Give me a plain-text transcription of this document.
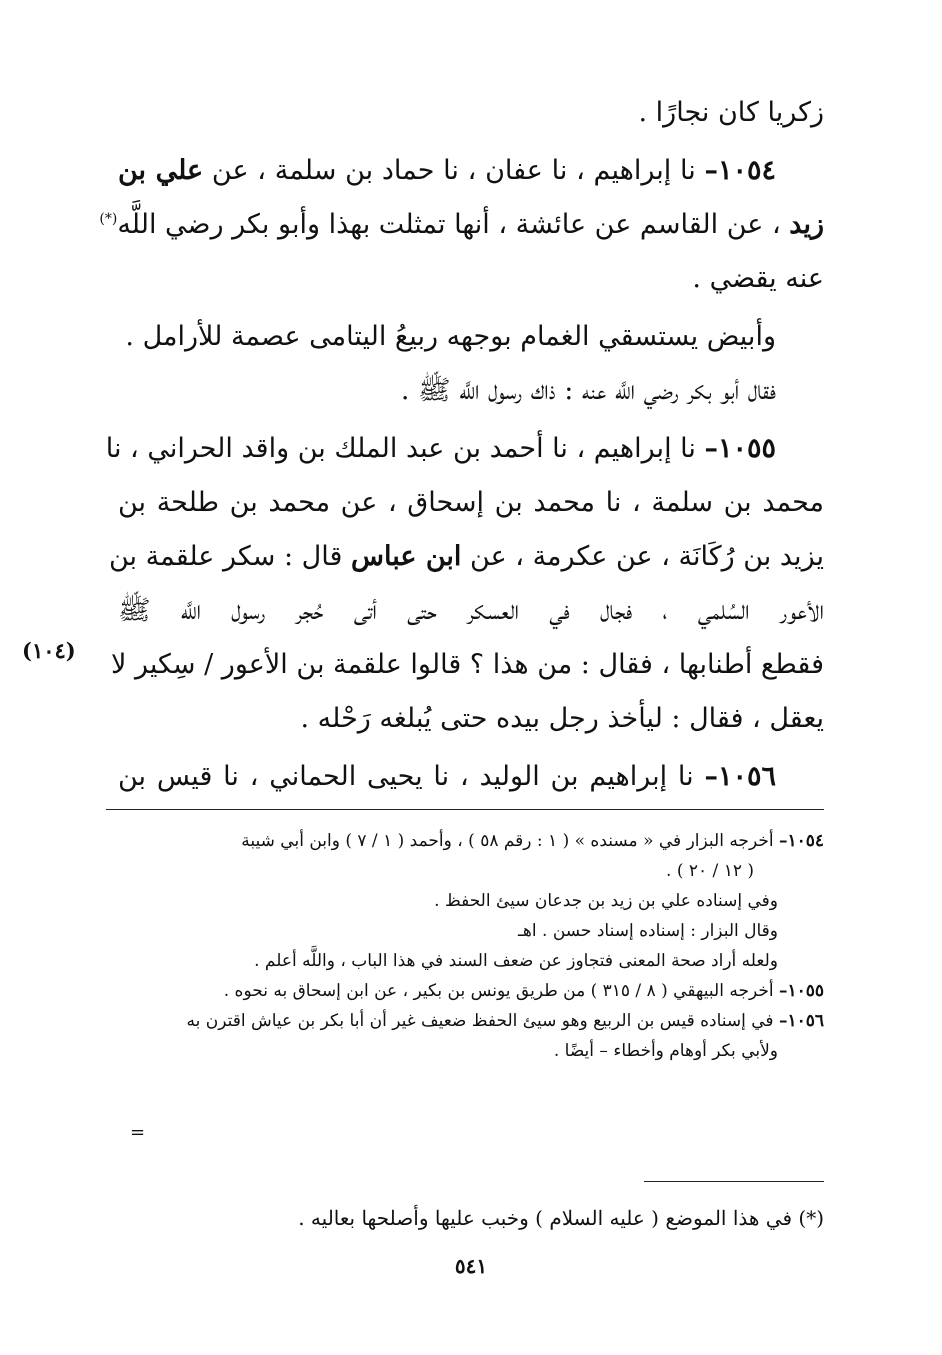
زكريا كان نجارًا .
١٠٥٤– نا إبراهيم ، نا عفان ، نا حماد بن سلمة ، عن علي بن
زيد ، عن القاسم عن عائشة ، أنها تمثلت بهذا وأبو بكر رضي اللَّه(*)
عنه يقضي .
وأبيض يستسقي الغمام بوجهه ربيعُ اليتامى عصمة للأرامل .
فقال أبو بكر رضي اللَّه عنه : ذاك رسول اللَّه ﷺ .
١٠٥٥– نا إبراهيم ، نا أحمد بن عبد الملك بن واقد الحراني ، نا
محمد بن سلمة ، نا محمد بن إسحاق ، عن محمد بن طلحة بن
يزيد بن رُكَانَة ، عن عكرمة ، عن ابن عباس قال : سكر علقمة بن
الأعور السُلمي ، فجال في العسكر حتى أتى حُجر رسول اللَّه ﷺ
فقطع أطنابها ، فقال : من هذا ؟ قالوا علقمة بن الأعور / سِكير لا
يعقل ، فقال : ليأخذ رجل بيده حتى يُبلغه رَحْله .
١٠٥٦– نا إبراهيم بن الوليد ، نا يحيى الحماني ، نا قيس بن
(١٠٤)
١٠٥٤– أخرجه البزار في « مسنده » ( ١ : رقم ٥٨ ) ، وأحمد ( ١ / ٧ ) وابن أبي شيبة
( ١٢ / ٢٠ ) .
وفي إسناده علي بن زيد بن جدعان سيئ الحفظ .
وقال البزار : إسناده إسناد حسن . اهـ
ولعله أراد صحة المعنى فتجاوز عن ضعف السند في هذا الباب ، واللَّه أعلم .
١٠٥٥– أخرجه البيهقي ( ٨ / ٣١٥ ) من طريق يونس بن بكير ، عن ابن إسحاق به نحوه .
١٠٥٦– في إسناده قيس بن الربيع وهو سيئ الحفظ ضعيف غير أن أبا بكر بن عياش اقترن به
ولأبي بكر أوهام وأخطاء – أيضًا .
=
(*) في هذا الموضع ( عليه السلام ) وخبب عليها وأصلحها بعاليه .
٥٤١
